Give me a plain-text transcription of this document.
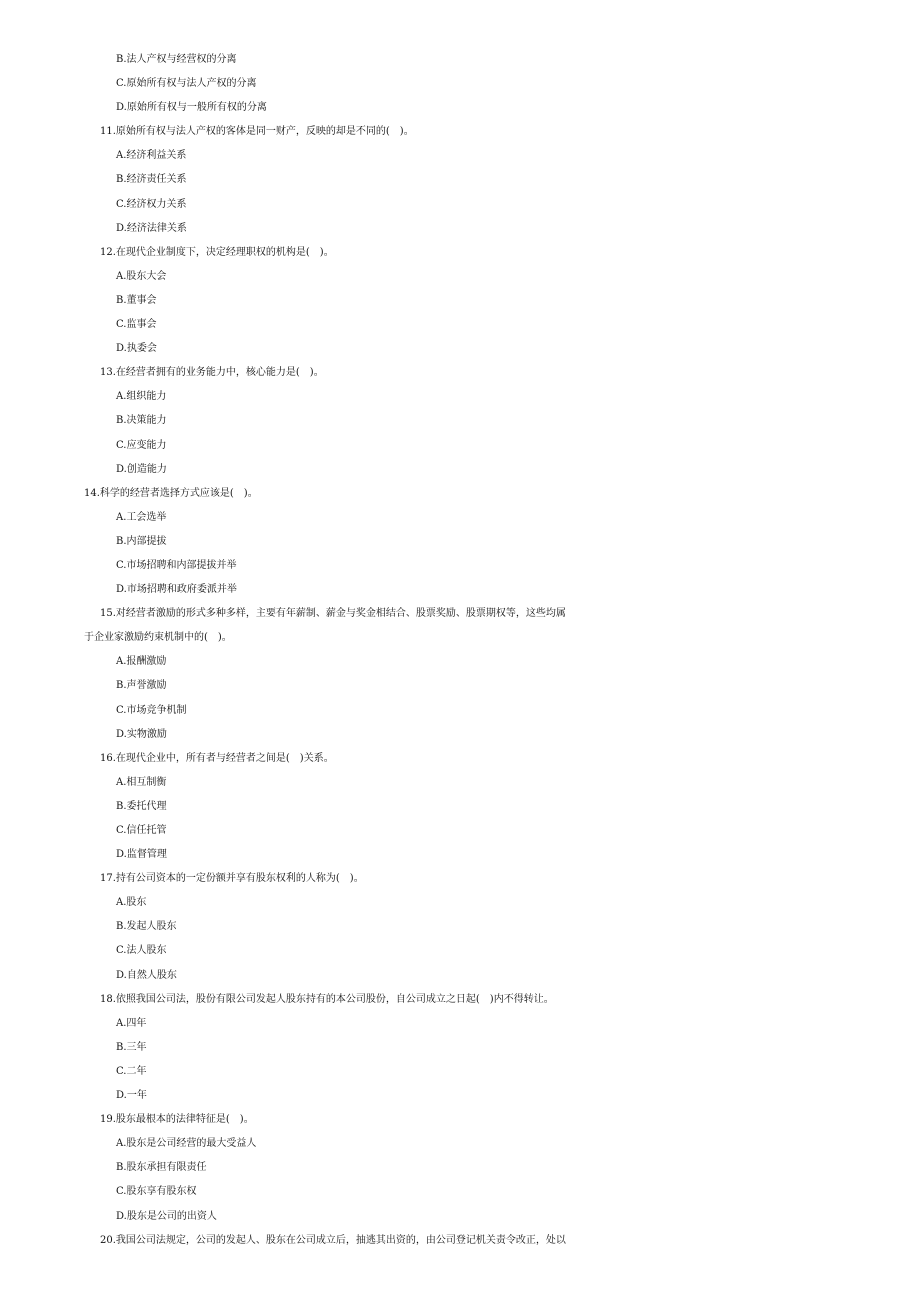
B.法人产权与经营权的分离
C.原始所有权与法人产权的分离
D.原始所有权与一般所有权的分离
11.原始所有权与法人产权的客体是同一财产，反映的却是不同的(　)。
A.经济利益关系
B.经济责任关系
C.经济权力关系
D.经济法律关系
12.在现代企业制度下，决定经理职权的机构是(　)。
A.股东大会
B.董事会
C.监事会
D.执委会
13.在经营者拥有的业务能力中，核心能力是(　)。
A.组织能力
B.决策能力
C.应变能力
D.创造能力
14.科学的经营者选择方式应该是(　)。
A.工会选举
B.内部提拔
C.市场招聘和内部提拔并举
D.市场招聘和政府委派并举
15.对经营者激励的形式多种多样，主要有年薪制、薪金与奖金相结合、股票奖励、股票期权等，这些均属
于企业家激励约束机制中的(　)。
A.报酬激励
B.声誉激励
C.市场竞争机制
D.实物激励
16.在现代企业中，所有者与经营者之间是(　)关系。
A.相互制衡
B.委托代理
C.信任托管
D.监督管理
17.持有公司资本的一定份额并享有股东权利的人称为(　)。
A.股东
B.发起人股东
C.法人股东
D.自然人股东
18.依照我国公司法，股份有限公司发起人股东持有的本公司股份，自公司成立之日起(　)内不得转让。
A.四年
B.三年
C.二年
D.一年
19.股东最根本的法律特征是(　)。
A.股东是公司经营的最大受益人
B.股东承担有限责任
C.股东享有股东权
D.股东是公司的出资人
20.我国公司法规定，公司的发起人、股东在公司成立后，抽逃其出资的，由公司登记机关责令改正，处以
